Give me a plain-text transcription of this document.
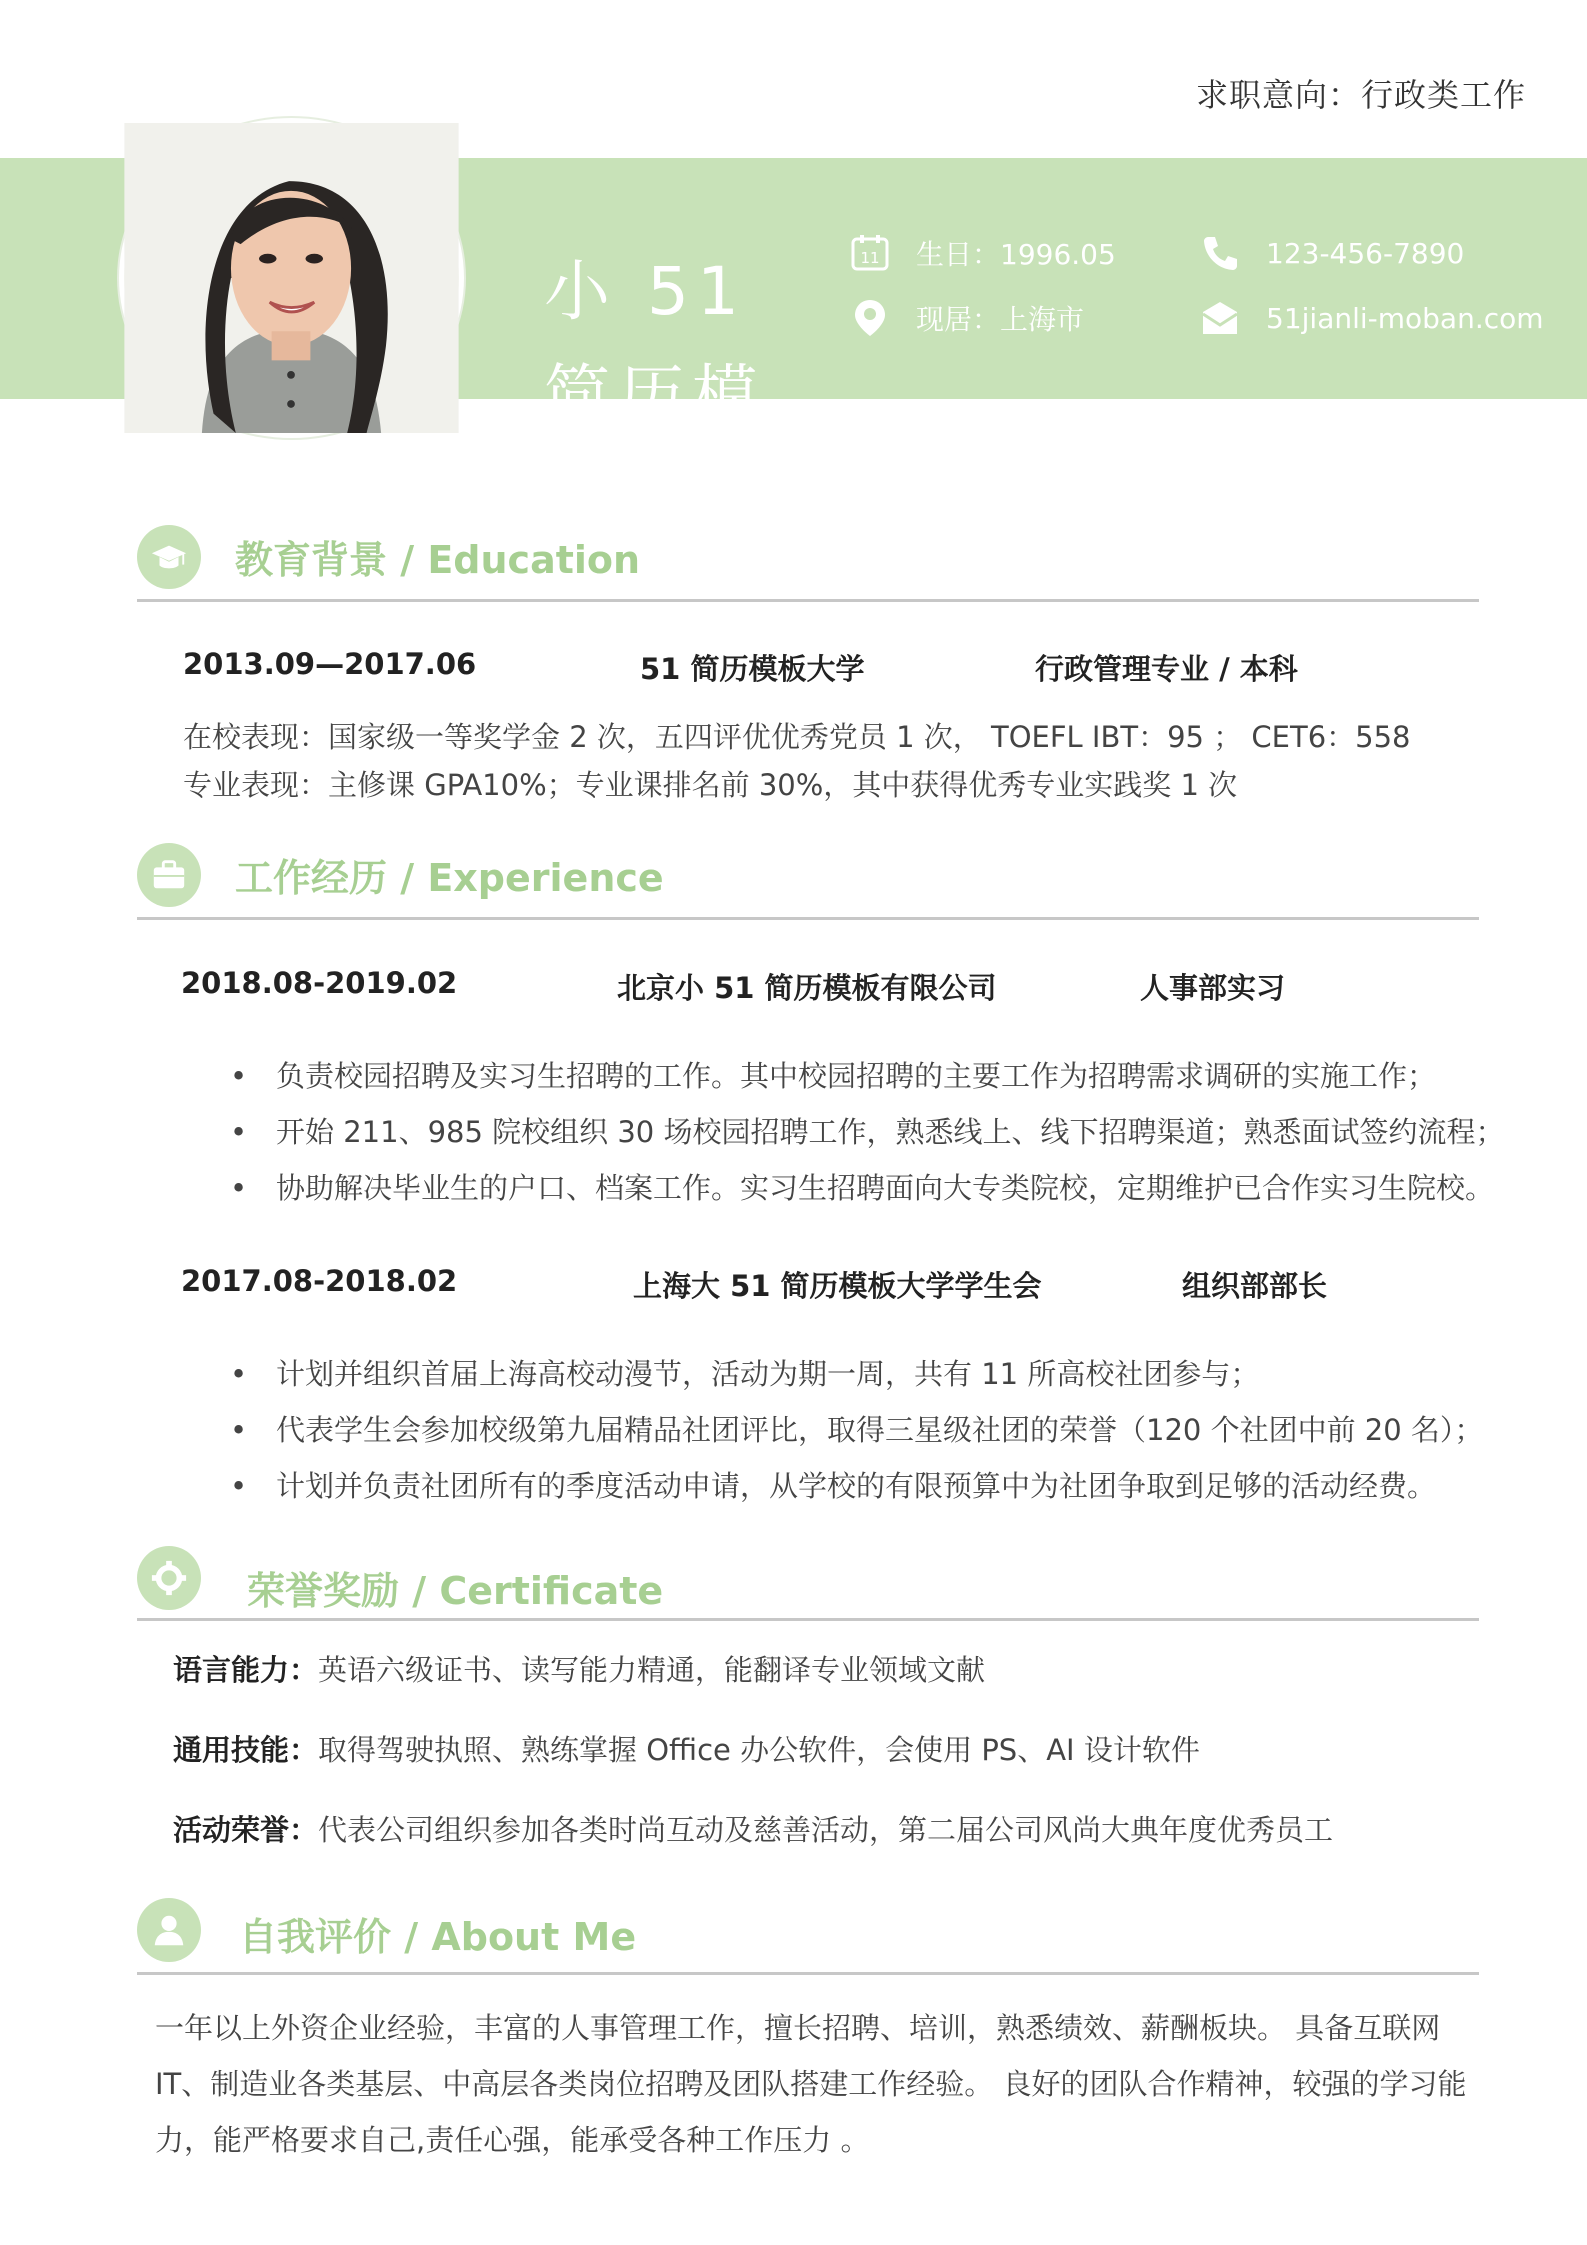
求职意向：行政类工作
小 51 简历模板
11 生日：1996.05
现居：上海市
123-456-7890
51jianli-moban.com
教育背景 / Education
2013.09—2017.06	51 简历模板大学	行政管理专业 / 本科
在校表现：国家级一等奖学金 2 次，五四评优优秀党员 1 次， TOEFL IBT：95 ； CET6：558
专业表现：主修课 GPA10%；专业课排名前 30%，其中获得优秀专业实践奖 1 次
工作经历 / Experience
2018.08-2019.02	北京小 51 简历模板有限公司	人事部实习
• 负责校园招聘及实习生招聘的工作。其中校园招聘的主要工作为招聘需求调研的实施工作；
• 开始 211、985 院校组织 30 场校园招聘工作，熟悉线上、线下招聘渠道；熟悉面试签约流程；
• 协助解决毕业生的户口、档案工作。实习生招聘面向大专类院校，定期维护已合作实习生院校。
2017.08-2018.02	上海大 51 简历模板大学学生会	组织部部长
• 计划并组织首届上海高校动漫节，活动为期一周，共有 11 所高校社团参与；
• 代表学生会参加校级第九届精品社团评比，取得三星级社团的荣誉（120 个社团中前 20 名）；
• 计划并负责社团所有的季度活动申请，从学校的有限预算中为社团争取到足够的活动经费。
荣誉奖励 / Certificate
语言能力：英语六级证书、读写能力精通，能翻译专业领域文献
通用技能：取得驾驶执照、熟练掌握 Office 办公软件，会使用 PS、AI 设计软件
活动荣誉：代表公司组织参加各类时尚互动及慈善活动，第二届公司风尚大典年度优秀员工
自我评价 / About Me
一年以上外资企业经验，丰富的人事管理工作，擅长招聘、培训，熟悉绩效、薪酬板块。 具备互联网 IT、制造业各类基层、中高层各类岗位招聘及团队搭建工作经验。 良好的团队合作精神，较强的学习能力，能严格要求自己,责任心强，能承受各种工作压力 。
